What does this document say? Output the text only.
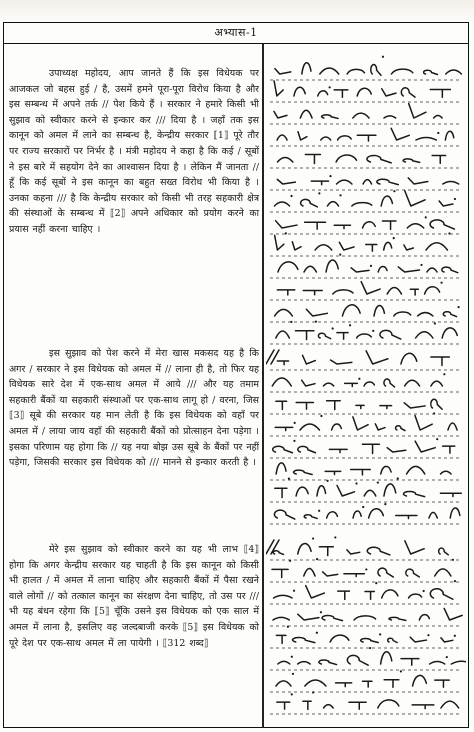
अभ्यास-1

उपाध्यक्ष महोदय, आप जानते हैं कि इस विधेयक पर आजकल जो बहस हुई / है, उसमें हमने पूरा-पूरा विरोध किया है और इस सम्बन्ध में अपने तर्क // पेश किये हैं । सरकार ने हमारे किसी भी सुझाव को स्वीकार करने से इन्कार कर /// दिया है । जहाँ तक इस कानून को अमल में लाने का सम्बन्ध है, केन्द्रीय सरकार ⟦1⟧ पूरे तौर पर राज्य सरकारों पर निर्भर है । मंत्री महोदय ने कहा है कि कई / सूबों ने इस बारे में सहयोग देने का आश्वासन दिया है । लेकिन मैं जानता // हूँ कि कई सूबों ने इस कानून का बहुत सख्त विरोध भी किया है । उनका कहना /// है कि केन्द्रीय सरकार को किसी भी तरह सहकारी क्षेत्र की संस्थाओं के सम्बन्ध में ⟦2⟧ अपने अधिकार को प्रयोग करने का प्रयास नहीं करना चाहिए ।

इस सुझाव को पेश करने में मेरा खास मकसद यह है कि अगर / सरकार ने इस विधेयक को अमल में // लाना ही है, तो फिर यह विधेयक सारे देश में एक-साथ अमल में आये /// और यह तमाम सहकारी बैंकों या सहकारी संस्थाओं पर एक-साथ लागू हो / वरना, जिस ⟦3⟧ सूबे की सरकार यह मान लेती है कि इस विधेयक को वहाँ पर अमल में / लाया जाय वहाँ की सहकारी बैंकों को प्रोत्साहन देना पड़ेगा । इसका परिणाम यह होगा कि // यह नया बोझ उस सूबे के बैंकों पर नहीं पड़ेगा, जिसकी सरकार इस विधेयक को /// मानने से इन्कार करती है ।

मेरे इस सुझाव को स्वीकार करने का यह भी लाभ ⟦4⟧ होगा कि अगर केन्द्रीय सरकार यह चाहती है कि इस कानून को किसी भी हालत / में अमल में लाना चाहिए और सहकारी बैंकों में पैसा रखने वाले लोगों // को तत्काल कानून का संरक्षण देना चाहिए, तो उस पर /// भी यह बंधन रहेगा कि ⟦5⟧ चूँकि उसने इस विधेयक को एक साल में अमल में लाना है, इसलिए वह जल्दबाजी करके ⟦5⟧ इस विधेयक को पूरे देश पर एक-साथ अमल में ला पायेगी । ⟦312 शब्द⟧
